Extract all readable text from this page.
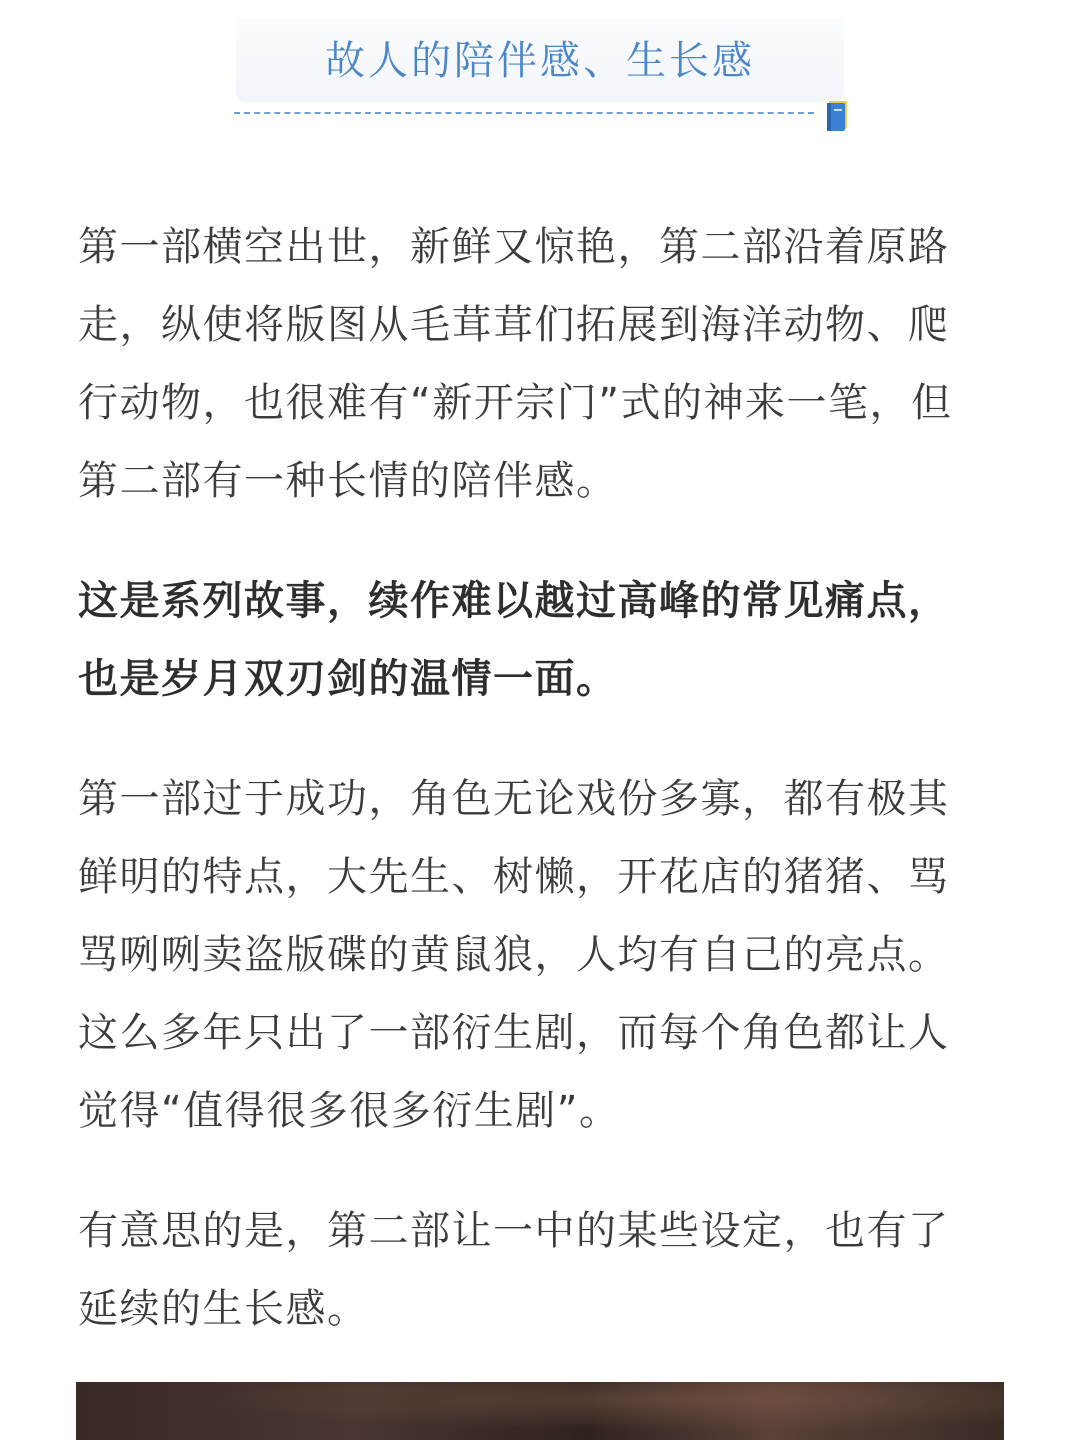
故人的陪伴感、生长感

第一部横空出世，新鲜又惊艳，第二部沿着原路
走，纵使将版图从毛茸茸们拓展到海洋动物、爬
行动物，也很难有“新开宗门”式的神来一笔，但
第二部有一种长情的陪伴感。

这是系列故事，续作难以越过高峰的常见痛点，
也是岁月双刃剑的温情一面。

第一部过于成功，角色无论戏份多寡，都有极其
鲜明的特点，大先生、树懒，开花店的猪猪、骂
骂咧咧卖盗版碟的黄鼠狼，人均有自己的亮点。
这么多年只出了一部衍生剧，而每个角色都让人
觉得“值得很多很多衍生剧”。

有意思的是，第二部让一中的某些设定，也有了
延续的生长感。
